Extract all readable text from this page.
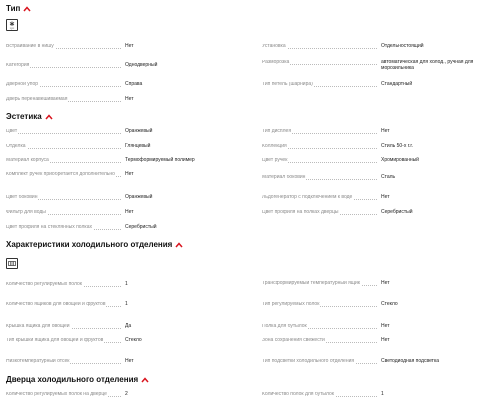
Тип
*/**
Встраивание в нишу	Нет
Категория	Однодверный
Дверной упор	Справа
Дверь перенавешиваемая	Нет
Установка	Отдельностоящий
Разморозка	автоматическая для холод., ручная для морозильника
Тип петель (шарнира)	Стандартный
Эстетика
Цвет	Оранжевый
Отделка	Глянцевый
Материал корпуса	Термоформируемый полимер
Комплект ручек приобретается дополнительно	Нет
Цвет боковин	Оранжевый
Фильтр для воды	Нет
Цвет профиля на стеклянных полках	Серебристый
Тип дисплея	Нет
Коллекция	Стиль 50-х г.г.
Цвет ручек	Хромированный
Материал боковин	Сталь
Льдогенератор с подключением к воде	Нет
Цвет профиля на полках дверцы	Серебристый
Характеристики холодильного отделения
Количество регулируемых полок	1
Количество ящиков для овощей и фруктов	1
Крышка ящика для овощей	Да
Тип крышки ящика для овощей и фруктов	Стекло
Низкотемпературный отсек	Нет
Трансформируемый температурный ящик	Нет
Тип регулируемых полок	Стекло
Полка для бутылок	Нет
Зона сохранения свежести	Нет
Тип подсветки холодильного отделения	Светодиодная подсветка
Дверца холодильного отделения
Количество регулируемых полок на дверце	2	Количество полок для бутылок	1
